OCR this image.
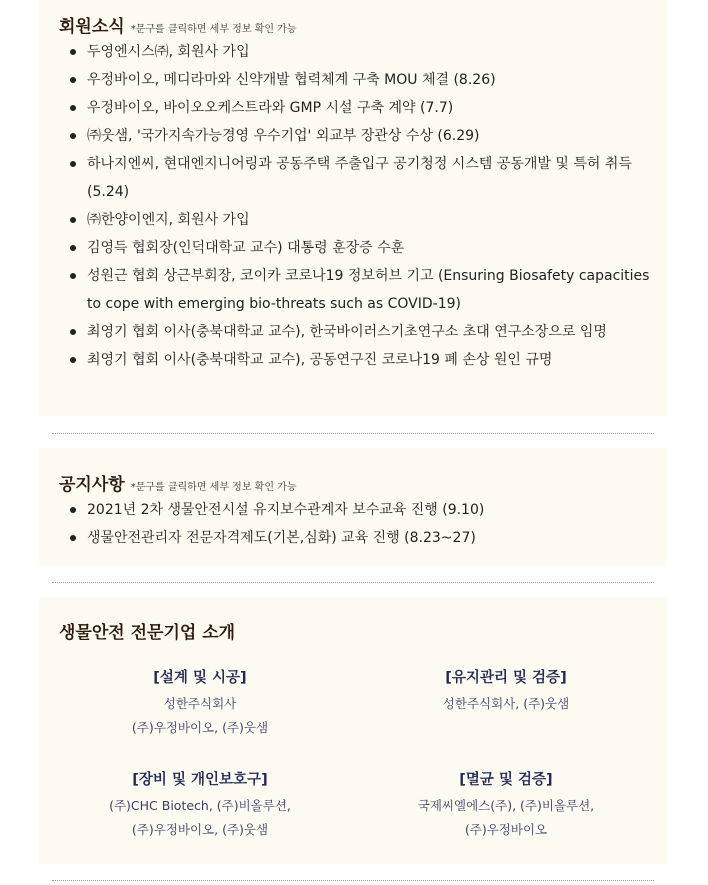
회원소식 *문구를 클릭하면 세부 정보 확인 가능
두영엔시스㈜, 회원사 가입
우정바이오, 메디라마와 신약개발 협력체계 구축 MOU 체결 (8.26)
우정바이오, 바이오오케스트라와 GMP 시설 구축 계약 (7.7)
㈜웃샘, '국가지속가능경영 우수기업' 외교부 장관상 수상 (6.29)
하나지엔씨, 현대엔지니어링과 공동주택 주출입구 공기청정 시스템 공동개발 및 특허 취득 (5.24)
㈜한양이엔지, 회원사 가입
김영득 협회장(인덕대학교 교수) 대통령 훈장증 수훈
성원근 협회 상근부회장, 코이카 코로나19 정보허브 기고 (Ensuring Biosafety capacities to cope with emerging bio-threats such as COVID-19)
최영기 협회 이사(충북대학교 교수), 한국바이러스기초연구소 초대 연구소장으로 임명
최영기 협회 이사(충북대학교 교수), 공동연구진 코로나19 폐 손상 원인 규명
공지사항 *문구를 클릭하면 세부 정보 확인 가능
2021년 2차 생물안전시설 유지보수관계자 보수교육 진행 (9.10)
생물안전관리자 전문자격제도(기본,심화) 교육 진행 (8.23~27)
생물안전 전문기업 소개
[설계 및 시공]
성한주식회사
(주)우정바이오, (주)웃샘
[유지관리 및 검증]
성한주식회사, (주)웃샘
[장비 및 개인보호구]
(주)CHC Biotech, (주)비올루션,
(주)우정바이오, (주)웃샘
[멸균 및 검증]
국제씨엘에스(주), (주)비올루션,
(주)우정바이오
